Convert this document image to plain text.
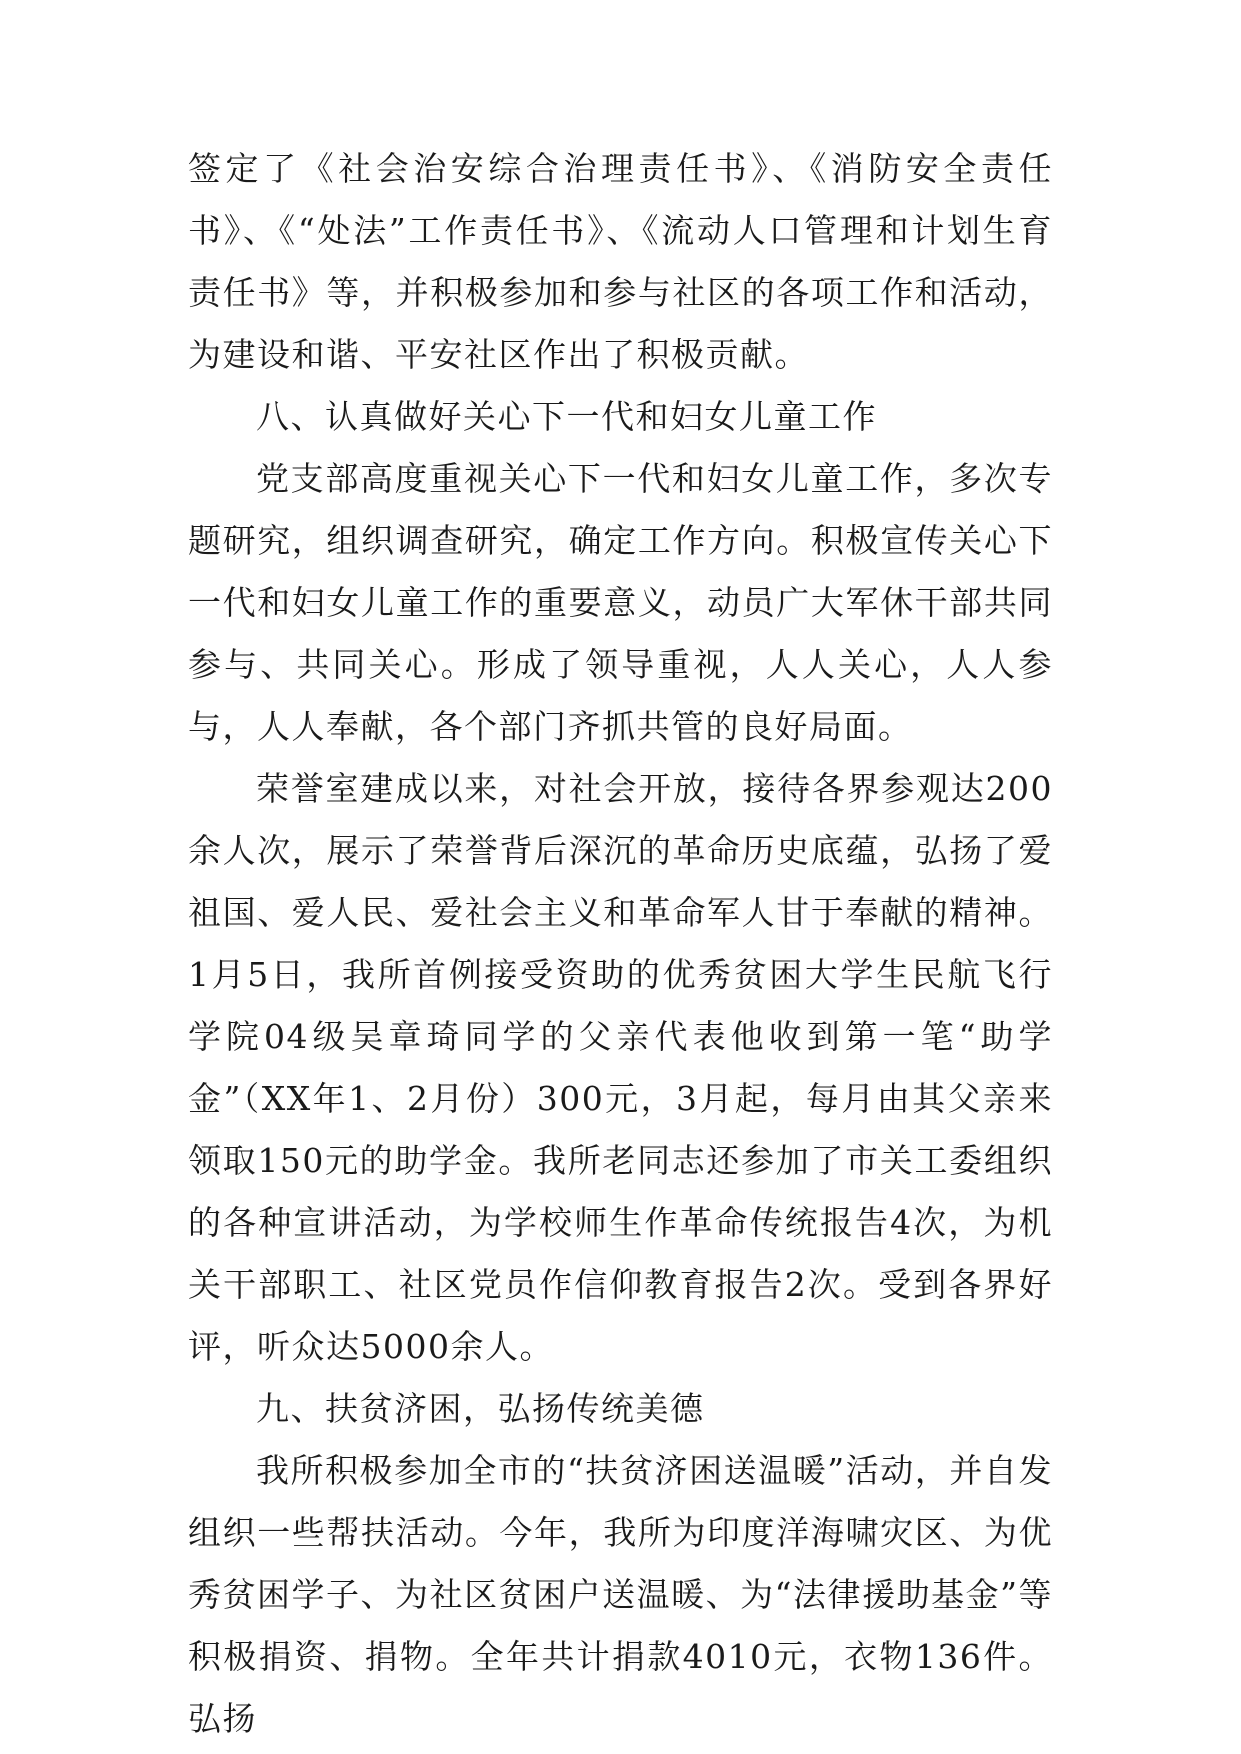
签定了《社会治安综合治理责任书》、《消防安全责任书》、《“处法”工作责任书》、《流动人口管理和计划生育责任书》等，并积极参加和参与社区的各项工作和活动，为建设和谐、平安社区作出了积极贡献。

八、认真做好关心下一代和妇女儿童工作

党支部高度重视关心下一代和妇女儿童工作，多次专题研究，组织调查研究，确定工作方向。积极宣传关心下一代和妇女儿童工作的重要意义，动员广大军休干部共同参与、共同关心。形成了领导重视，人人关心，人人参与，人人奉献，各个部门齐抓共管的良好局面。

荣誉室建成以来，对社会开放，接待各界参观达200余人次，展示了荣誉背后深沉的革命历史底蕴，弘扬了爱祖国、爱人民、爱社会主义和革命军人甘于奉献的精神。1月5日，我所首例接受资助的优秀贫困大学生民航飞行学院04级吴章琦同学的父亲代表他收到第一笔“助学金”（XX年1、2月份）300元，3月起，每月由其父亲来领取150元的助学金。我所老同志还参加了市关工委组织的各种宣讲活动，为学校师生作革命传统报告4次，为机关干部职工、社区党员作信仰教育报告2次。受到各界好评，听众达5000余人。

九、扶贫济困，弘扬传统美德

我所积极参加全市的“扶贫济困送温暖”活动，并自发组织一些帮扶活动。今年，我所为印度洋海啸灾区、为优秀贫困学子、为社区贫困户送温暖、为“法律援助基金”等积极捐资、捐物。全年共计捐款4010元，衣物136件。弘扬
